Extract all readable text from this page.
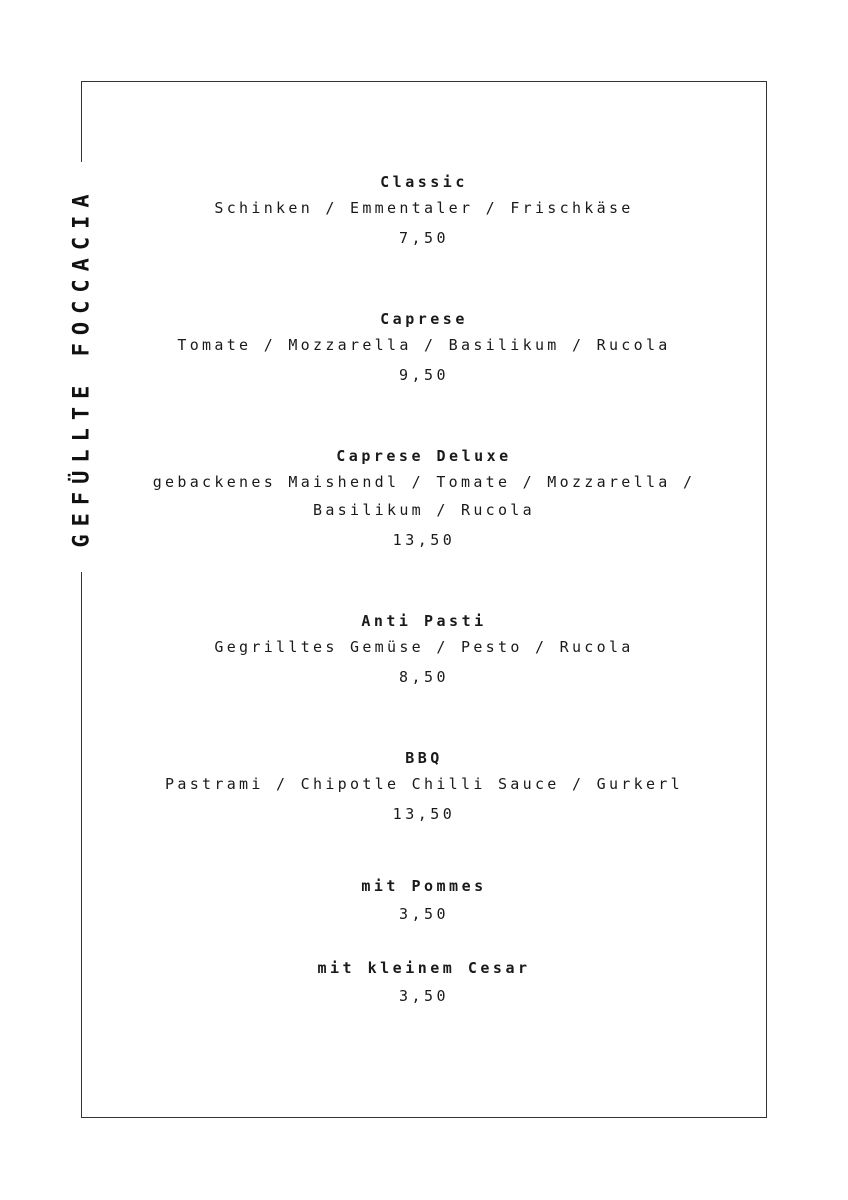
GEFÜLLTE FOCCACIA
Classic
Schinken / Emmentaler / Frischkäse
7,50
Caprese
Tomate / Mozzarella / Basilikum / Rucola
9,50
Caprese Deluxe
gebackenes Maishendl / Tomate / Mozzarella / Basilikum / Rucola
13,50
Anti Pasti
Gegrilltes Gemüse / Pesto / Rucola
8,50
BBQ
Pastrami / Chipotle Chilli Sauce / Gurkerl
13,50
mit Pommes
3,50
mit kleinem Cesar
3,50
